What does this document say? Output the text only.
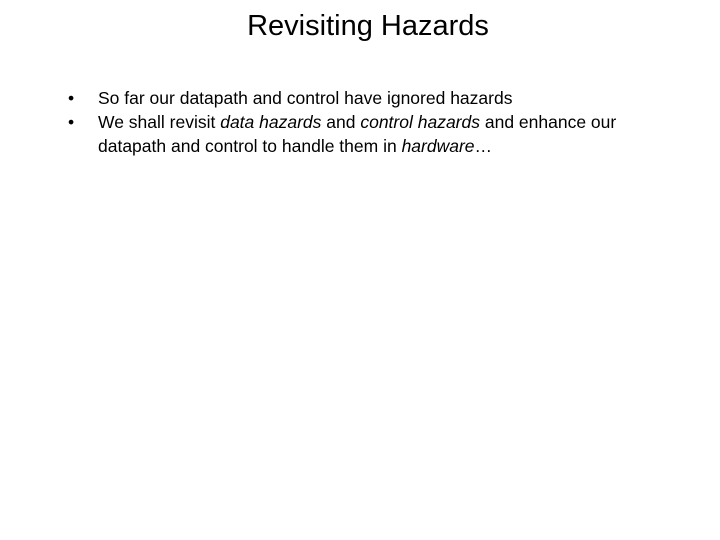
Revisiting Hazards
• So far our datapath and control have ignored hazards
• We shall revisit data hazards and control hazards and enhance our datapath and control to handle them in hardware…
